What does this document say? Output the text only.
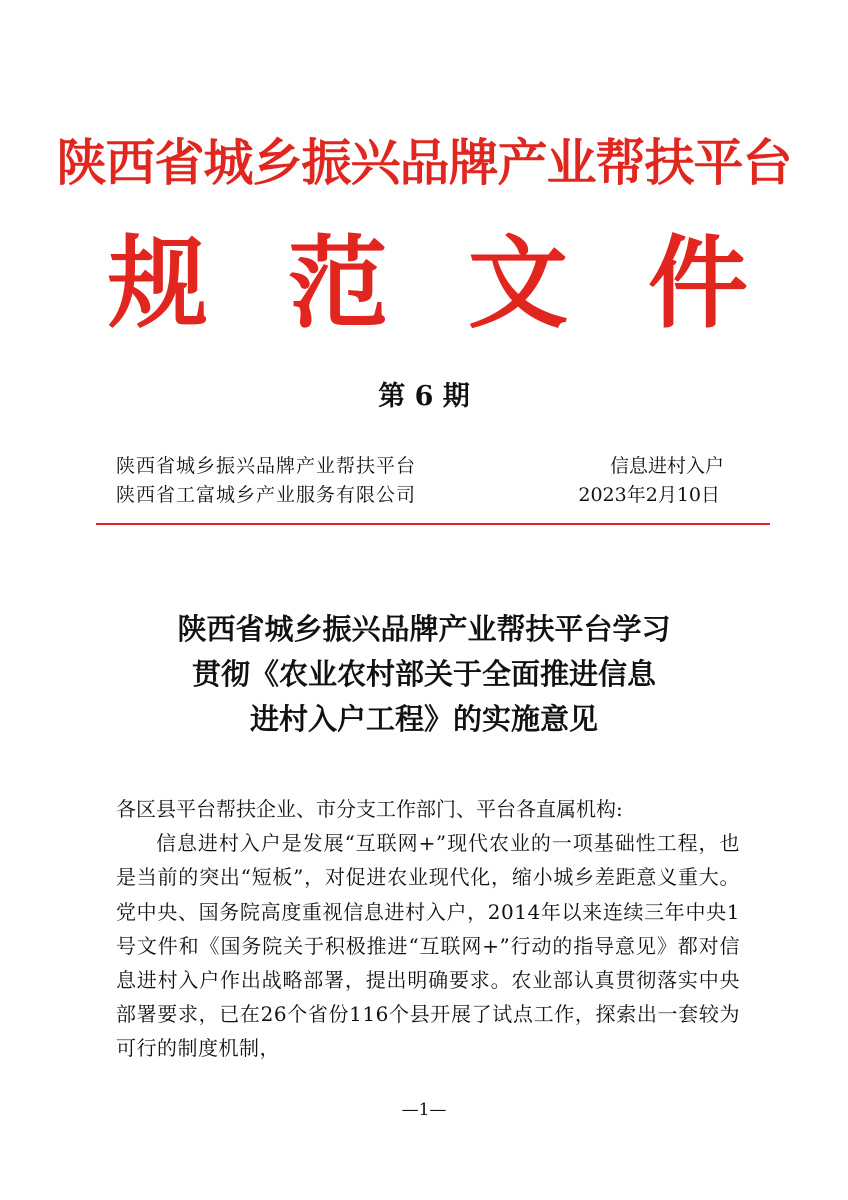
陕西省城乡振兴品牌产业帮扶平台
规 范 文 件
第 6 期
陕西省城乡振兴品牌产业帮扶平台	信息进村入户
陕西省工富城乡产业服务有限公司	2023年2月10日
陕西省城乡振兴品牌产业帮扶平台学习
贯彻《农业农村部关于全面推进信息
进村入户工程》的实施意见
各区县平台帮扶企业、市分支工作部门、平台各直属机构:
信息进村入户是发展“互联网+”现代农业的一项基础性工程，也是当前的突出“短板”，对促进农业现代化，缩小城乡差距意义重大。党中央、国务院高度重视信息进村入户，2014年以来连续三年中央1号文件和《国务院关于积极推进“互联网+”行动的指导意见》都对信息进村入户作出战略部署，提出明确要求。农业部认真贯彻落实中央部署要求，已在26个省份116个县开展了试点工作，探索出一套较为可行的制度机制，
—1—
